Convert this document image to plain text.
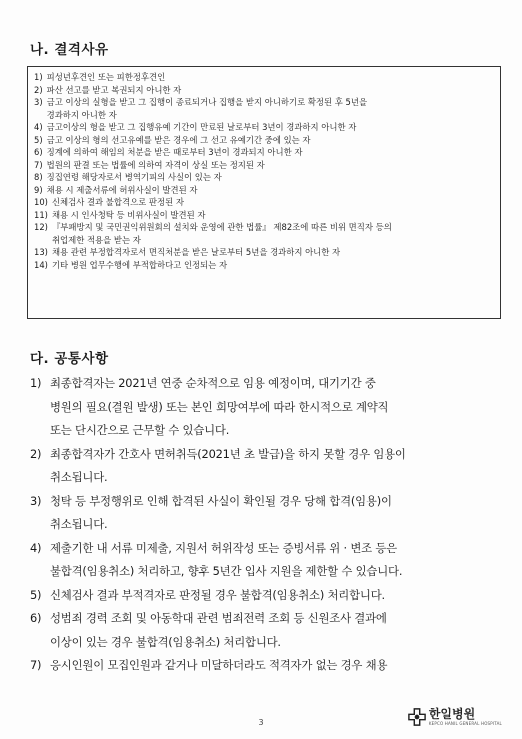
나. 결격사유
1) 피성년후견인 또는 피한정후견인
2) 파산 선고를 받고 복권되지 아니한 자
3) 금고 이상의 실형을 받고 그 집행이 종료되거나 집행을 받지 아니하기로 확정된 후 5년을
경과하지 아니한 자
4) 금고이상의 형을 받고 그 집행유예 기간이 만료된 날로부터 3년이 경과하지 아니한 자
5) 금고 이상의 형의 선고유예를 받은 경우에 그 선고 유예기간 중에 있는 자
6) 징계에 의하여 해임의 처분을 받은 때로부터 3년이 경과되지 아니한 자
7) 법원의 판결 또는 법률에 의하여 자격이 상실 또는 정지된 자
8) 징집연령 해당자로서 병역기피의 사실이 있는 자
9) 채용 시 제출서류에 허위사실이 발견된 자
10) 신체검사 결과 불합격으로 판정된 자
11) 채용 시 인사청탁 등 비위사실이 발견된 자
12) 『부패방지 및 국민권익위원회의 설치와 운영에 관한 법률』 제82조에 따른 비위 면직자 등의
취업제한 적용을 받는 자
13) 채용 관련 부정합격자로서 면직처분을 받은 날로부터 5년을 경과하지 아니한 자
14) 기타 병원 업무수행에 부적합하다고 인정되는 자
다. 공통사항
1) 최종합격자는 2021년 연중 순차적으로 임용 예정이며, 대기기간 중
병원의 필요(결원 발생) 또는 본인 희망여부에 따라 한시적으로 계약직
또는 단시간으로 근무할 수 있습니다.
2) 최종합격자가 간호사 면허취득(2021년 초 발급)을 하지 못할 경우 임용이
취소됩니다.
3) 청탁 등 부정행위로 인해 합격된 사실이 확인될 경우 당해 합격(임용)이
취소됩니다.
4) 제출기한 내 서류 미제출, 지원서 허위작성 또는 증빙서류 위 · 변조 등은
불합격(임용취소) 처리하고, 향후 5년간 입사 지원을 제한할 수 있습니다.
5) 신체검사 결과 부적격자로 판정될 경우 불합격(임용취소) 처리합니다.
6) 성범죄 경력 조회 및 아동학대 관련 범죄전력 조회 등 신원조사 결과에
이상이 있는 경우 불합격(임용취소) 처리합니다.
7) 응시인원이 모집인원과 같거나 미달하더라도 적격자가 없는 경우 채용
3
한일병원
KEPCO HANIL GENERAL HOSPITAL
